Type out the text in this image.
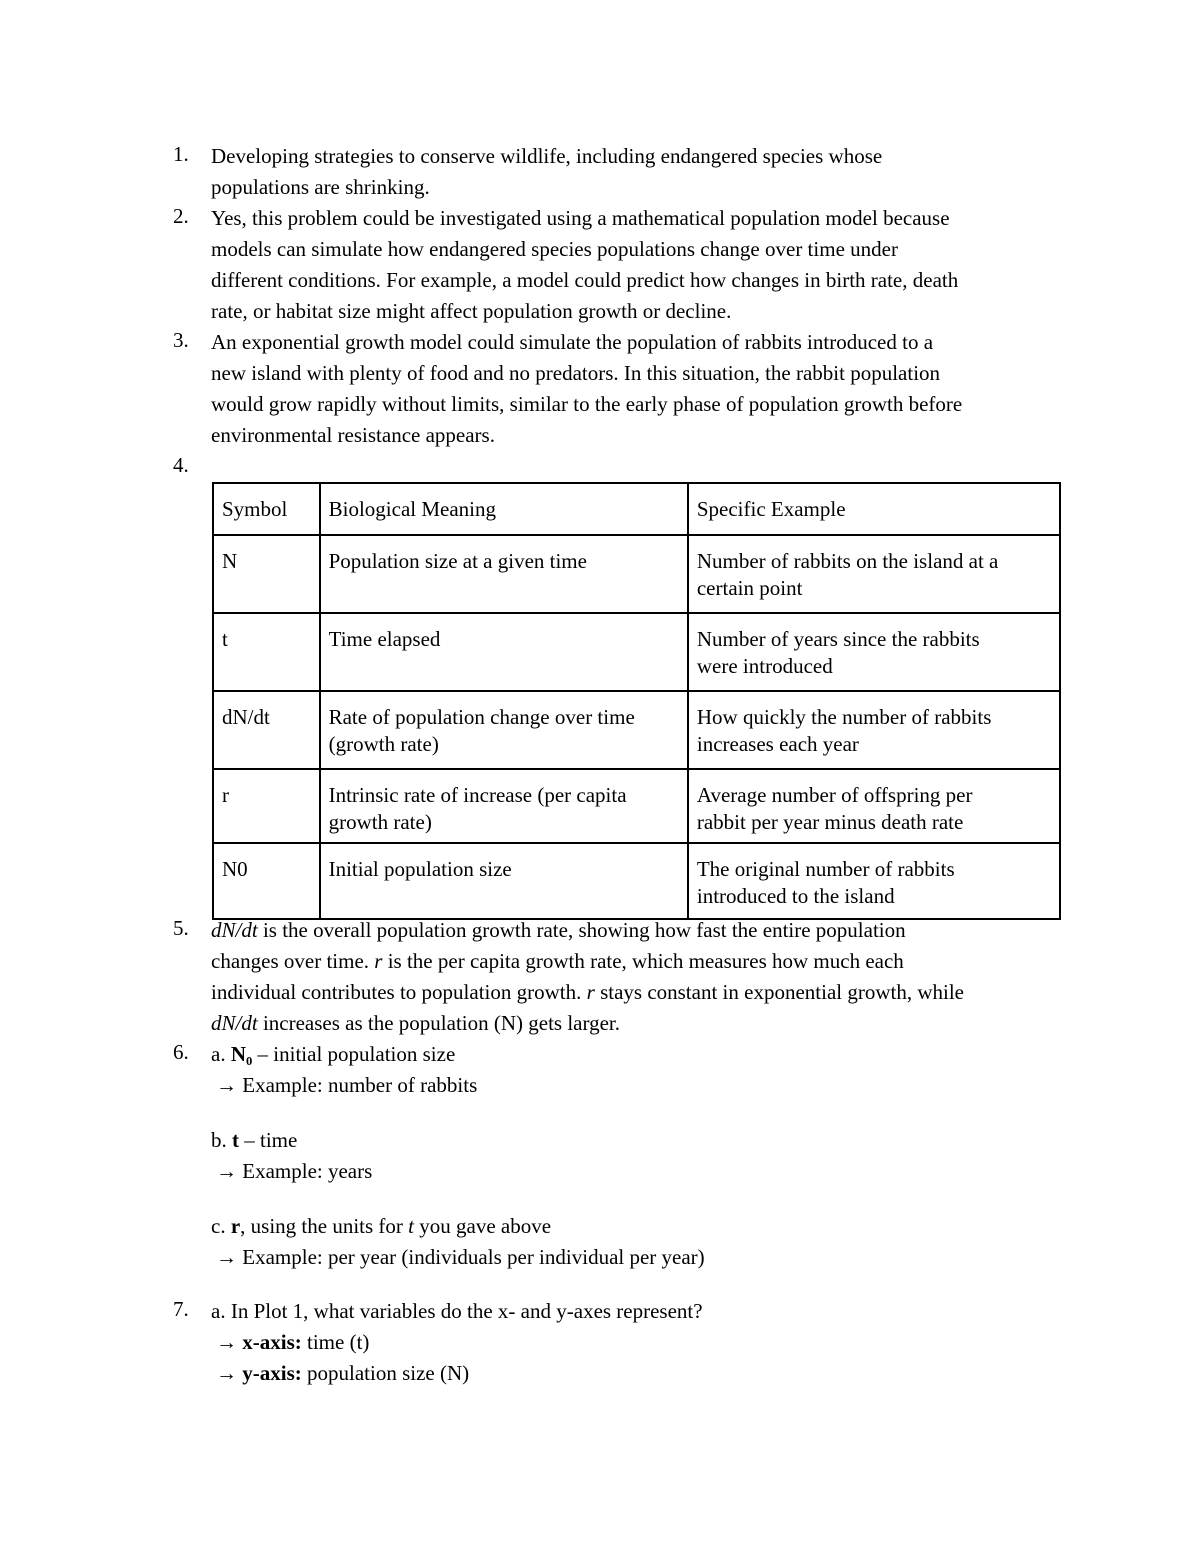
1. Developing strategies to conserve wildlife, including endangered species whose
populations are shrinking.
2. Yes, this problem could be investigated using a mathematical population model because
models can simulate how endangered species populations change over time under
different conditions. For example, a model could predict how changes in birth rate, death
rate, or habitat size might affect population growth or decline.
3. An exponential growth model could simulate the population of rabbits introduced to a
new island with plenty of food and no predators. In this situation, the rabbit population
would grow rapidly without limits, similar to the early phase of population growth before
environmental resistance appears.
4.
Symbol	Biological Meaning	Specific Example

N	Population size at a given time	Number of rabbits on the island at a
certain point

t	Time elapsed	Number of years since the rabbits
were introduced

dN/dt	Rate of population change over time
(growth rate)	How quickly the number of rabbits
increases each year

r	Intrinsic rate of increase (per capita
growth rate)	Average number of offspring per
rabbit per year minus death rate

N0	Initial population size	The original number of rabbits
introduced to the island
5. dN/dt is the overall population growth rate, showing how fast the entire population
changes over time. r is the per capita growth rate, which measures how much each
individual contributes to population growth. r stays constant in exponential growth, while
dN/dt increases as the population (N) gets larger.
6. a. N₀ – initial population size
→ Example: number of rabbits
b. t – time
→ Example: years
c. r, using the units for t you gave above
→ Example: per year (individuals per individual per year)
7. a. In Plot 1, what variables do the x- and y-axes represent?
→ x-axis: time (t)
→ y-axis: population size (N)
